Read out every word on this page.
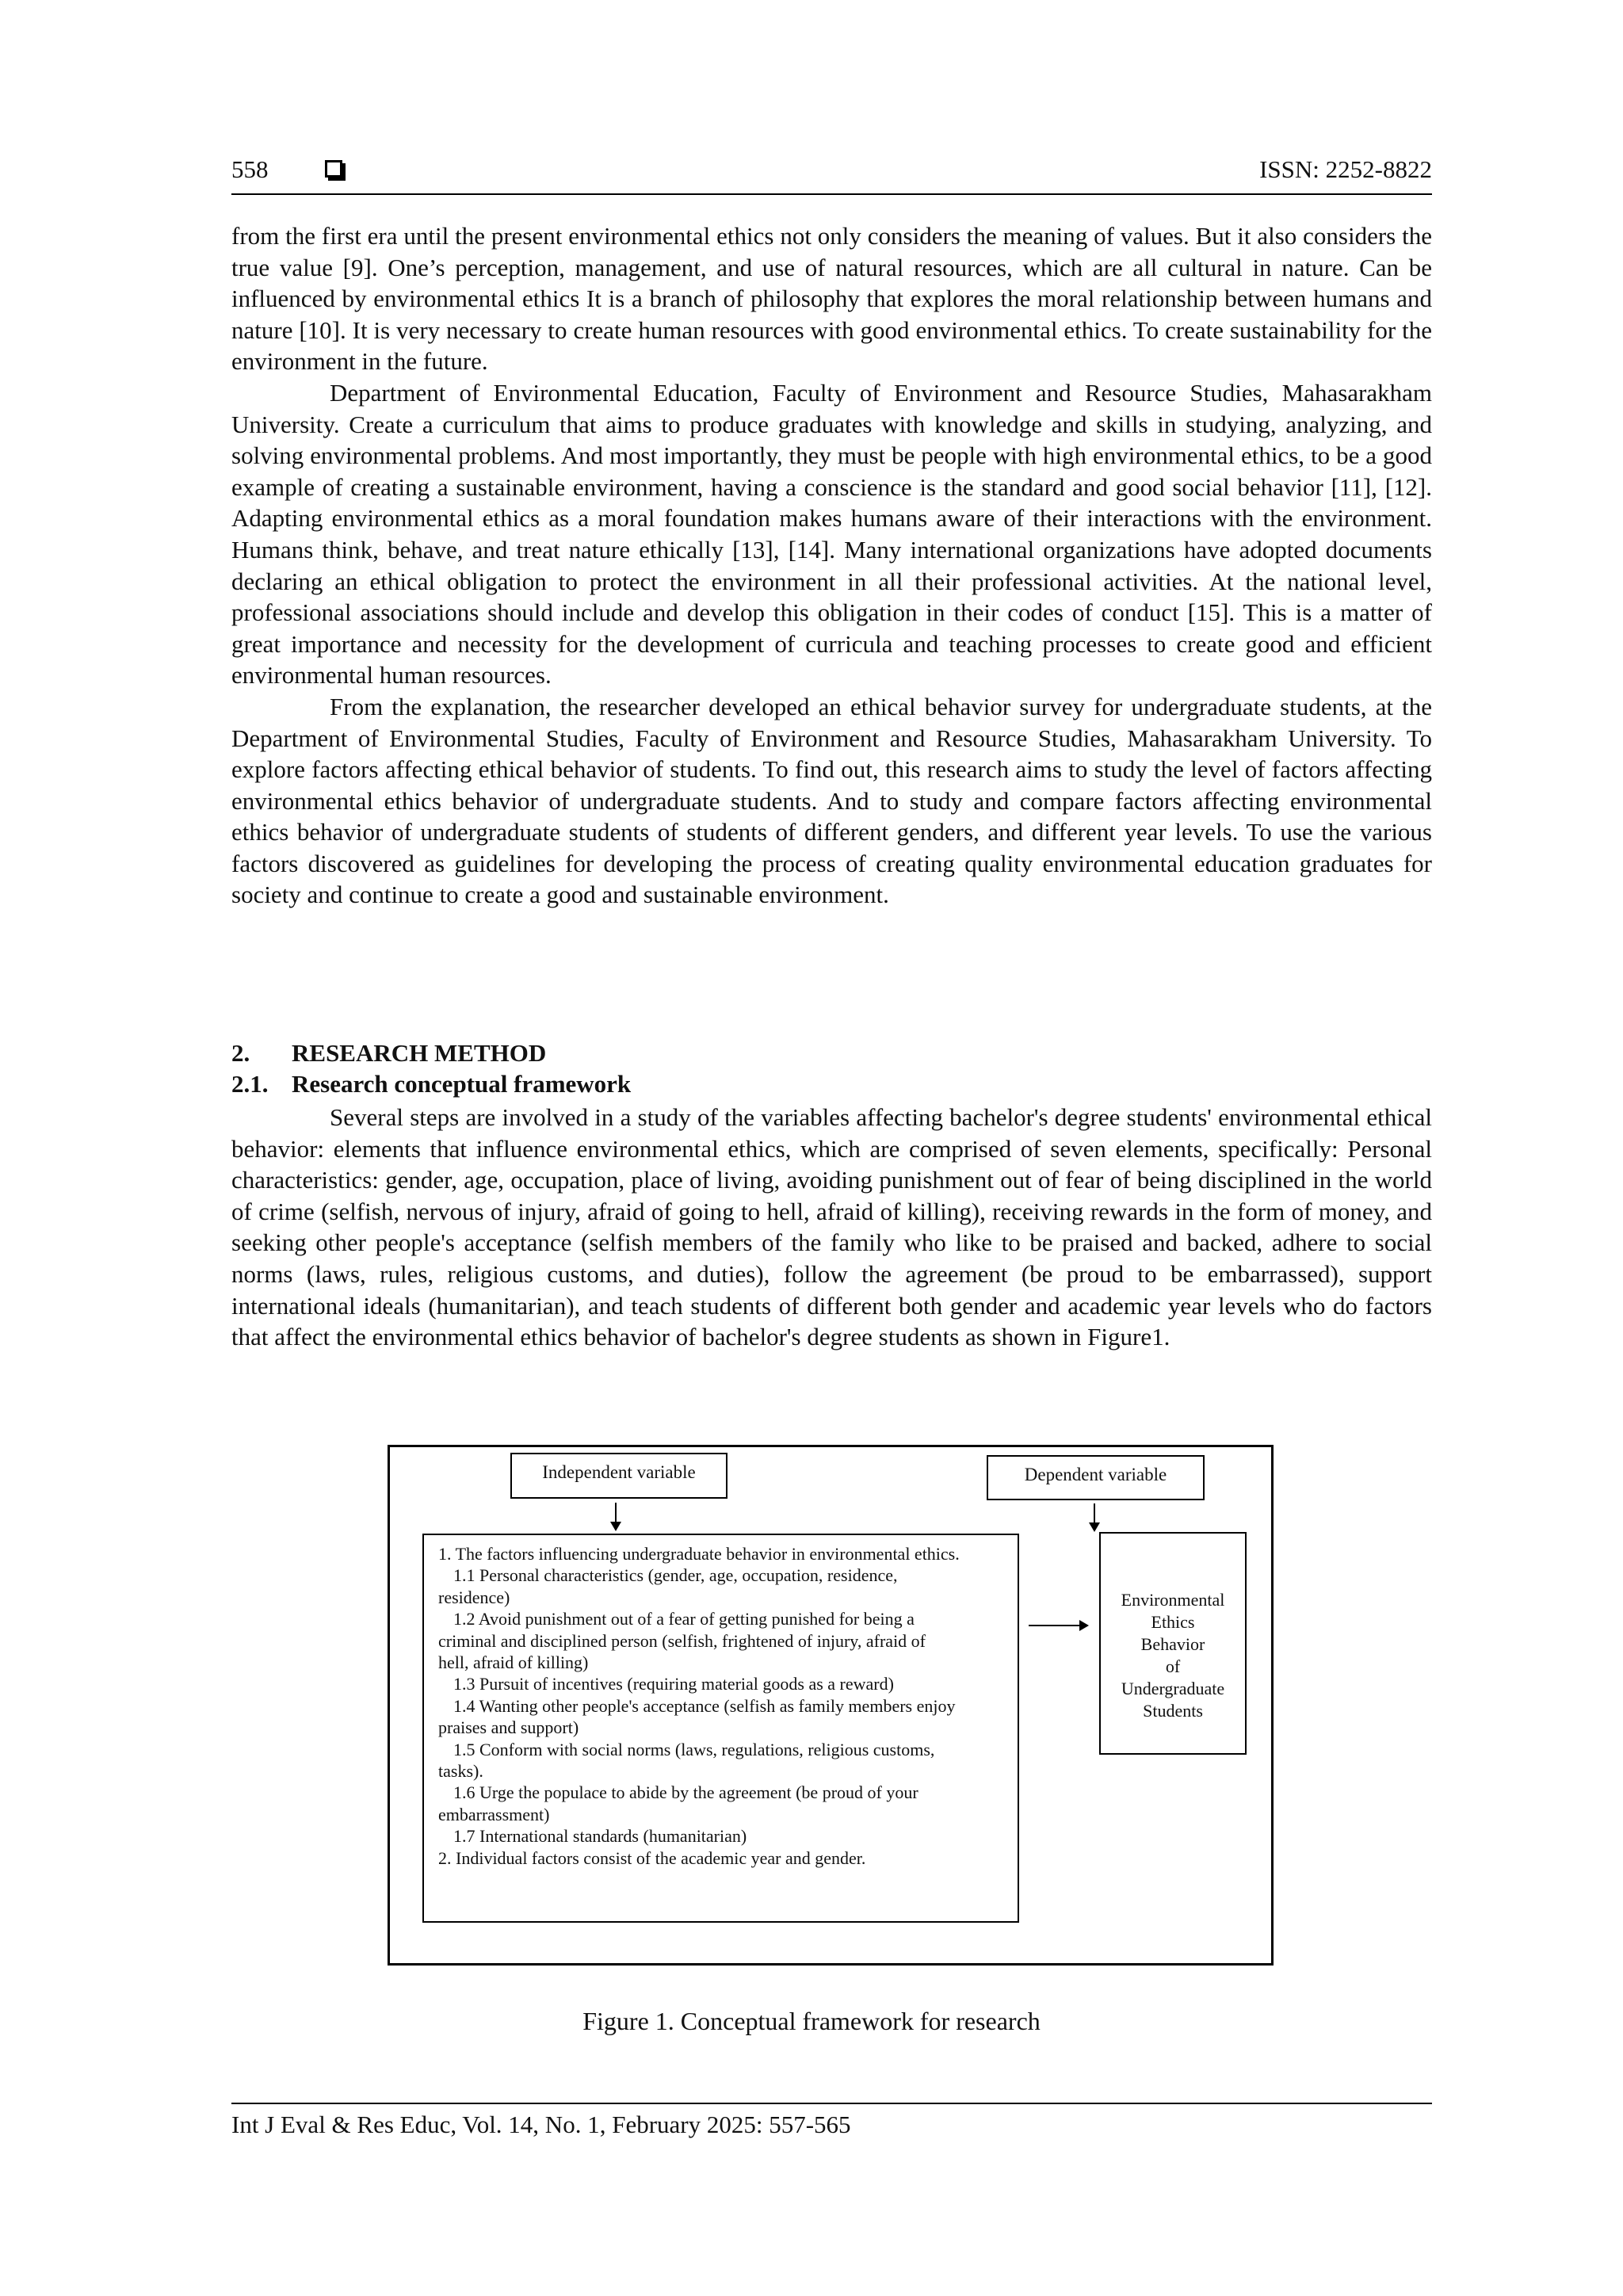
558	ISSN: 2252-8822

from the first era until the present environmental ethics not only considers the meaning of values. But it also considers the true value [9]. One’s perception, management, and use of natural resources, which are all cultural in nature. Can be influenced by environmental ethics It is a branch of philosophy that explores the moral relationship between humans and nature [10]. It is very necessary to create human resources with good environmental ethics. To create sustainability for the environment in the future.

Department of Environmental Education, Faculty of Environment and Resource Studies, Mahasarakham University. Create a curriculum that aims to produce graduates with knowledge and skills in studying, analyzing, and solving environmental problems. And most importantly, they must be people with high environmental ethics, to be a good example of creating a sustainable environment, having a conscience is the standard and good social behavior [11], [12]. Adapting environmental ethics as a moral foundation makes humans aware of their interactions with the environment. Humans think, behave, and treat nature ethically [13], [14]. Many international organizations have adopted documents declaring an ethical obligation to protect the environment in all their professional activities. At the national level, professional associations should include and develop this obligation in their codes of conduct [15]. This is a matter of great importance and necessity for the development of curricula and teaching processes to create good and efficient environmental human resources.

From the explanation, the researcher developed an ethical behavior survey for undergraduate students, at the Department of Environmental Studies, Faculty of Environment and Resource Studies, Mahasarakham University. To explore factors affecting ethical behavior of students. To find out, this research aims to study the level of factors affecting environmental ethics behavior of undergraduate students. And to study and compare factors affecting environmental ethics behavior of undergraduate students of students of different genders, and different year levels. To use the various factors discovered as guidelines for developing the process of creating quality environmental education graduates for society and continue to create a good and sustainable environment.

2. RESEARCH METHOD
2.1. Research conceptual framework

Several steps are involved in a study of the variables affecting bachelor's degree students' environmental ethical behavior: elements that influence environmental ethics, which are comprised of seven elements, specifically: Personal characteristics: gender, age, occupation, place of living, avoiding punishment out of fear of being disciplined in the world of crime (selfish, nervous of injury, afraid of going to hell, afraid of killing), receiving rewards in the form of money, and seeking other people's acceptance (selfish members of the family who like to be praised and backed, adhere to social norms (laws, rules, religious customs, and duties), follow the agreement (be proud to be embarrassed), support international ideals (humanitarian), and teach students of different both gender and academic year levels who do factors that affect the environmental ethics behavior of bachelor's degree students as shown in Figure1.

Independent variable	Dependent variable
1. The factors influencing undergraduate behavior in environmental ethics.
1.1 Personal characteristics (gender, age, occupation, residence,
residence)
1.2 Avoid punishment out of a fear of getting punished for being a
criminal and disciplined person (selfish, frightened of injury, afraid of
hell, afraid of killing)
1.3 Pursuit of incentives (requiring material goods as a reward)
1.4 Wanting other people's acceptance (selfish as family members enjoy
praises and support)
1.5 Conform with social norms (laws, regulations, religious customs,
tasks).
1.6 Urge the populace to abide by the agreement (be proud of your
embarrassment)
1.7 International standards (humanitarian)
2. Individual factors consist of the academic year and gender.
Environmental
Ethics
Behavior
of
Undergraduate
Students
Figure 1. Conceptual framework for research
Int J Eval & Res Educ, Vol. 14, No. 1, February 2025: 557-565
